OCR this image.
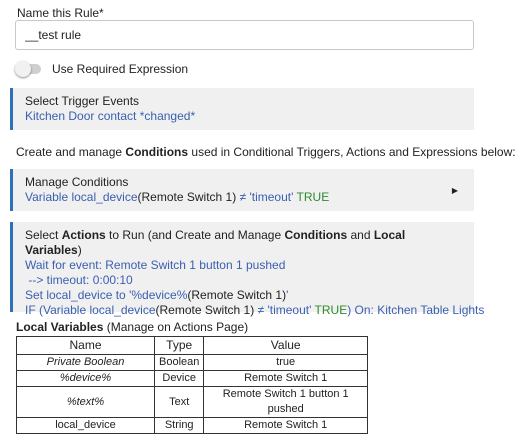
Name this Rule*
__test rule
Use Required Expression
Select Trigger Events
Kitchen Door contact *changed*
Create and manage Conditions used in Conditional Triggers, Actions and Expressions below:
Manage Conditions
Variable local_device(Remote Switch 1) ≠ 'timeout' TRUE	▶
Select Actions to Run (and Create and Manage Conditions and Local Variables)
Wait for event: Remote Switch 1 button 1 pushed
--> timeout: 0:00:10
Set local_device to '%device%(Remote Switch 1)'
IF (Variable local_device(Remote Switch 1) ≠ 'timeout' TRUE) On: Kitchen Table Lights
Local Variables (Manage on Actions Page)
Name	Type	Value
Private Boolean	Boolean	true
%device%	Device	Remote Switch 1
%text%	Text	Remote Switch 1 button 1 pushed
local_device	String	Remote Switch 1
